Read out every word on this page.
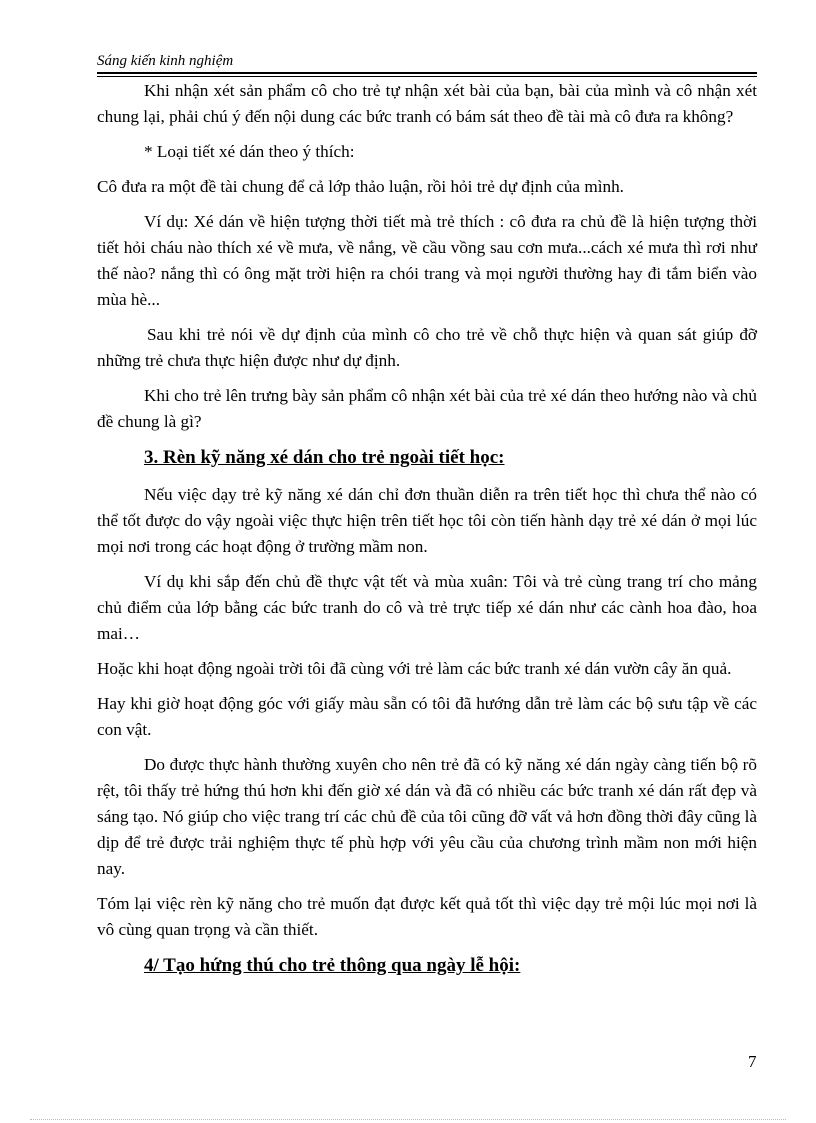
Sáng kiến kinh nghiệm

Khi nhận xét sản phẩm cô cho trẻ tự nhận xét bài của bạn, bài của mình và cô nhận xét chung lại, phải chú ý đến nội dung các bức tranh có bám sát theo đề tài mà cô đưa ra không?

* Loại tiết xé dán theo ý thích:

Cô đưa ra một đề tài chung để cả lớp thảo luận, rồi hỏi trẻ dự định của mình.

Ví dụ: Xé dán về hiện tượng thời tiết mà trẻ thích : cô đưa ra chủ đề là hiện tượng thời tiết hỏi cháu nào thích xé về mưa, về nắng, về cầu vồng sau cơn mưa...cách xé mưa thì rơi như thế nào? nắng thì có ông mặt trời hiện ra chói trang và mọi người thường hay đi tắm biển vào mùa hè...

Sau khi trẻ nói về dự định của mình cô cho trẻ về chỗ thực hiện và quan sát giúp đỡ những trẻ chưa thực hiện được như dự định.

Khi cho trẻ lên trưng bày sản phẩm cô nhận xét bài của trẻ xé dán theo hướng nào và chủ đề chung là gì?

3. Rèn kỹ năng xé dán cho trẻ ngoài tiết học:

Nếu việc dạy trẻ kỹ năng xé dán chỉ đơn thuần diễn ra trên tiết học thì chưa thể nào có thể tốt được do vậy ngoài việc thực hiện trên tiết học tôi còn tiến hành dạy trẻ xé dán ở mọi lúc mọi nơi trong các hoạt động ở trường mầm non.

Ví dụ khi sắp đến chủ đề thực vật tết và mùa xuân: Tôi và trẻ cùng trang trí cho mảng chủ điểm của lớp bằng các bức tranh do cô và trẻ trực tiếp xé dán như các cành hoa đào, hoa mai…

Hoặc khi hoạt động ngoài trời tôi đã cùng với trẻ làm các bức tranh xé dán vườn cây ăn quả.

Hay khi giờ hoạt động góc với giấy màu sẵn có tôi đã hướng dẫn trẻ làm các bộ sưu tập về các con vật.

Do được thực hành thường xuyên cho nên trẻ đã có kỹ năng xé dán ngày càng tiến bộ rõ rệt, tôi thấy trẻ hứng thú hơn khi đến giờ xé dán và đã có nhiều các bức tranh xé dán rất đẹp và sáng tạo. Nó giúp cho việc trang trí các chủ đề của tôi cũng đỡ vất vả hơn đồng thời đây cũng là dịp để trẻ được trải nghiệm thực tế phù hợp với yêu cầu của chương trình mầm non mới hiện nay.

Tóm lại việc rèn kỹ năng cho trẻ muốn đạt được kết quả tốt thì việc dạy trẻ mội lúc mọi nơi là vô cùng quan trọng và cần thiết.

4/ Tạo hứng thú cho trẻ thông qua ngày lễ hội:
7
